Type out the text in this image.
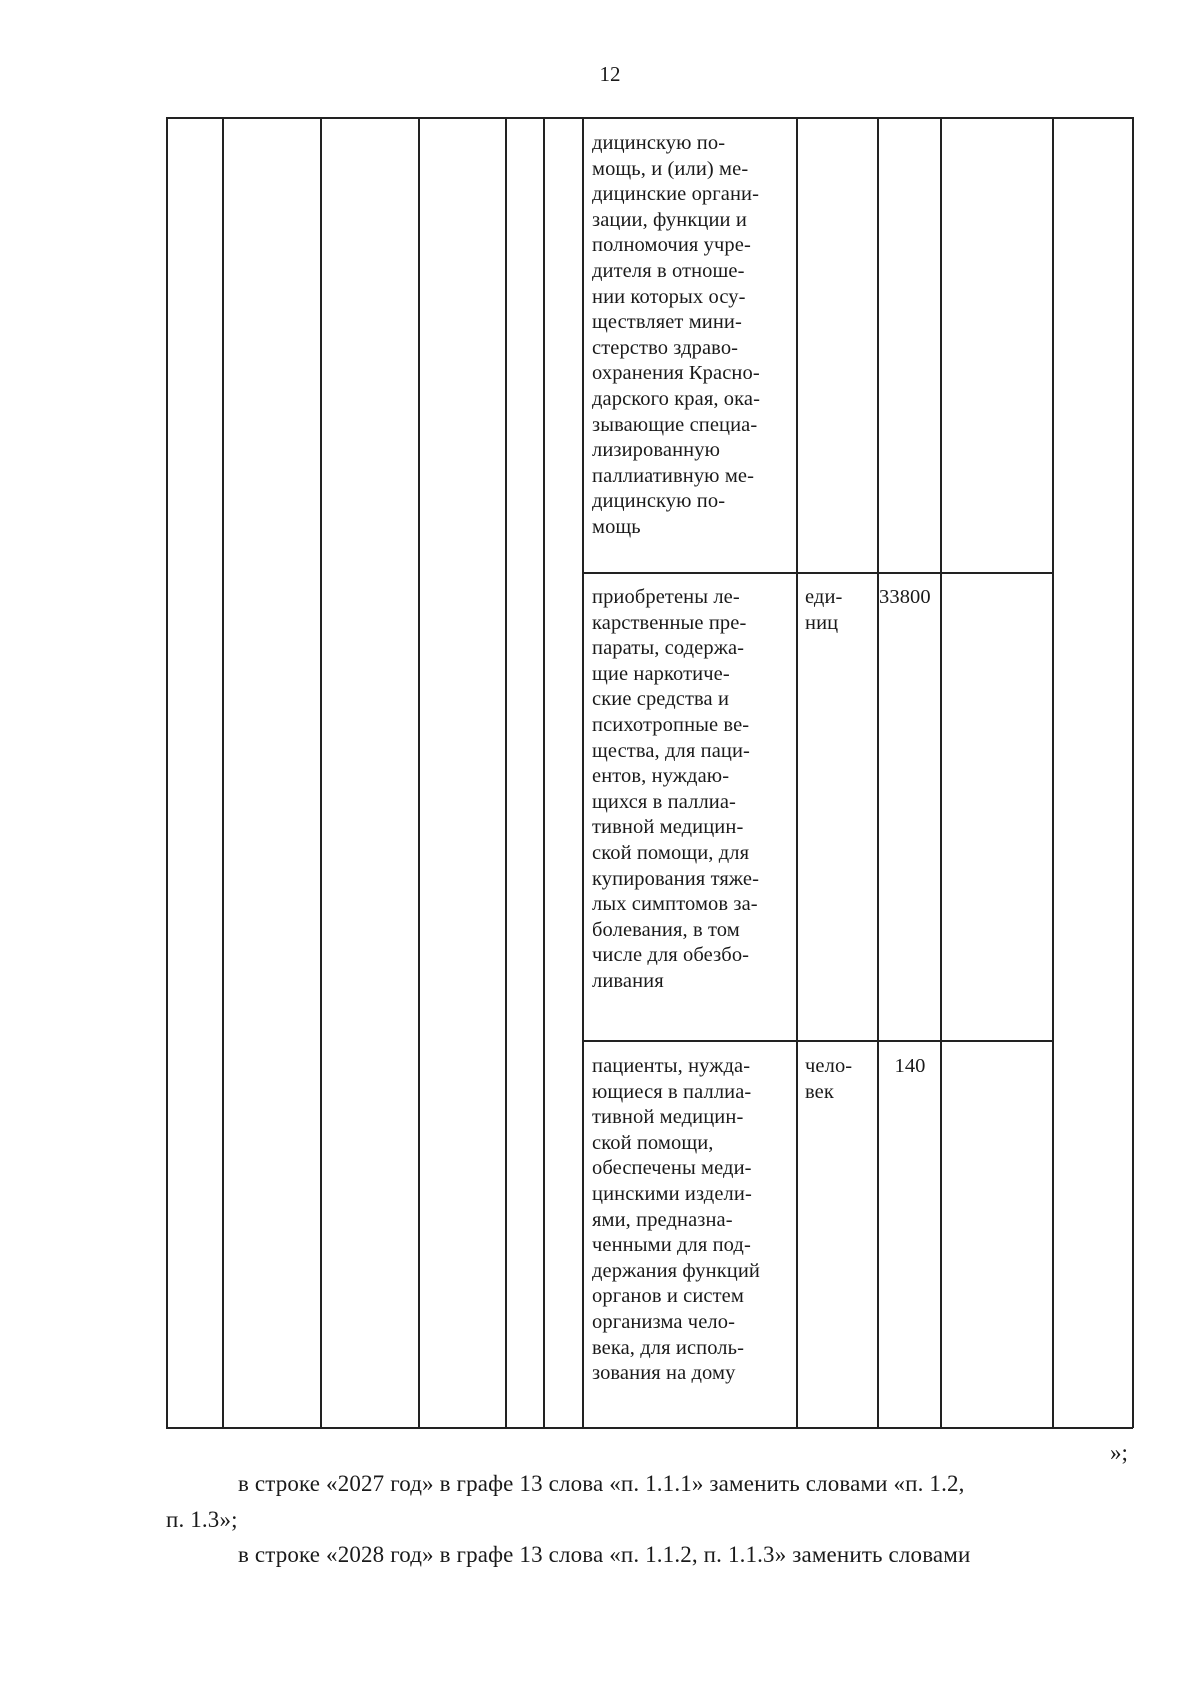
12
дицинскую по-
мощь, и (или) ме-
дицинские органи-
зации, функции и
полномочия учре-
дителя в отноше-
нии которых осу-
ществляет мини-
стерство здраво-
охранения Красно-
дарского края, ока-
зывающие специа-
лизированную
паллиативную ме-
дицинскую по-
мощь
приобретены ле-
карственные пре-
параты, содержа-
щие наркотиче-
ские средства и
психотропные ве-
щества, для паци-
ентов, нуждаю-
щихся в паллиа-
тивной медицин-
ской помощи, для
купирования тяже-
лых симптомов за-
болевания, в том
числе для обезбо-
ливания
еди-
ниц
33800
пациенты, нужда-
ющиеся в паллиа-
тивной медицин-
ской помощи,
обеспечены меди-
цинскими издели-
ями, предназна-
ченными для под-
держания функций
органов и систем
организма чело-
века, для исполь-
зования на дому
чело-
век
140
»;
в строке «2027 год» в графе 13 слова «п. 1.1.1» заменить словами «п. 1.2,
п. 1.3»;
в строке «2028 год» в графе 13 слова «п. 1.1.2, п. 1.1.3» заменить словами
